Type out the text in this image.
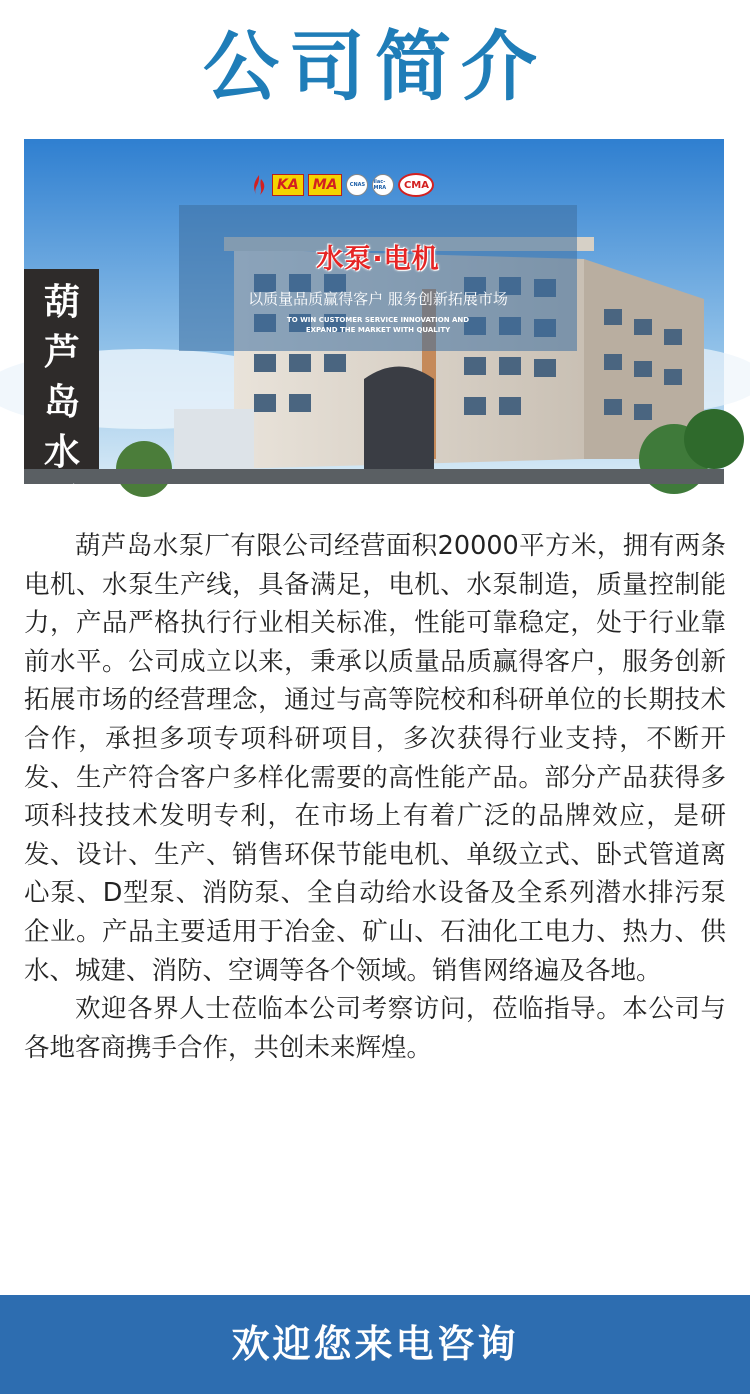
公司简介
KA	MA	CNAS	ilac-MRA	CMA
葫
芦
岛
水
泵
水泵·电机
以质量品质赢得客户 服务创新拓展市场
TO WIN CUSTOMER SERVICE INNOVATION AND
EXPAND THE MARKET WITH QUALITY

葫芦岛水泵厂有限公司经营面积20000平方米，拥有两条电机、水泵生产线，具备满足，电机、水泵制造，质量控制能力，产品严格执行行业相关标准，性能可靠稳定，处于行业靠前水平。公司成立以来，秉承以质量品质赢得客户，服务创新拓展市场的经营理念，通过与高等院校和科研单位的长期技术合作，承担多项专项科研项目，多次获得行业支持，不断开发、生产符合客户多样化需要的高性能产品。部分产品获得多项科技技术发明专利，在市场上有着广泛的品牌效应，是研发、设计、生产、销售环保节能电机、单级立式、卧式管道离心泵、D型泵、消防泵、全自动给水设备及全系列潜水排污泵企业。产品主要适用于冶金、矿山、石油化工电力、热力、供水、城建、消防、空调等各个领域。销售网络遍及各地。

欢迎各界人士莅临本公司考察访问，莅临指导。本公司与各地客商携手合作，共创未来辉煌。

欢迎您来电咨询
